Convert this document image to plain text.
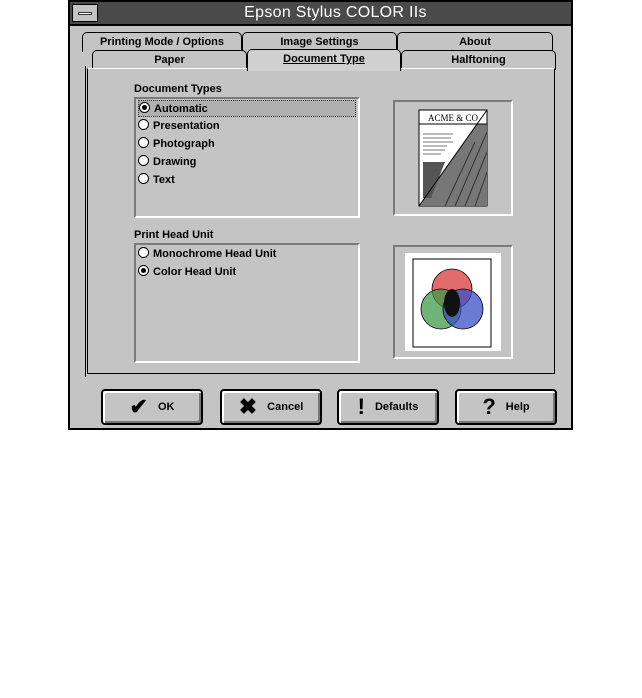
Epson Stylus COLOR IIs
Printing Mode / Options	Image Settings	About
Paper	Document Type	Halftoning
Document Types
Automatic
Presentation
Photograph
Drawing
Text
ACME & CO
Print Head Unit
Monochrome Head Unit
Color Head Unit
✔ OK	✖ Cancel ! Defaults	? Help
